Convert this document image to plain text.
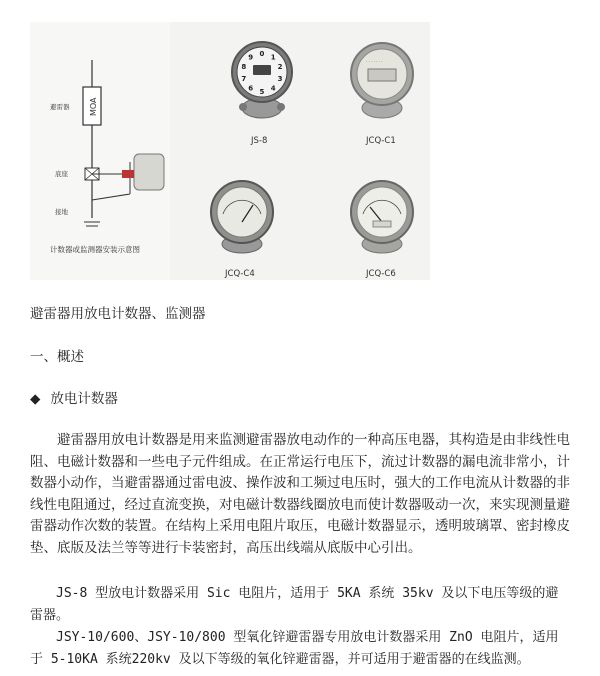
MOA
避雷器
底座
接地
计数器或监测器安装示意图
0 1
2
3
4
5
6
7
8
9
JS-8
· · · · · · ·
JCQ-C1
JCQ-C4	JCQ-C6
避雷器用放电计数器、监测器
一、概述
◆ 放电计数器

避雷器用放电计数器是用来监测避雷器放电动作的一种高压电器，其构造是由非线性电阻、电磁计数器和一些电子元件组成。在正常运行电压下，流过计数器的漏电流非常小，计数器小动作，当避雷器通过雷电波、操作波和工频过电压时，强大的工作电流从计数器的非线性电阻通过，经过直流变换，对电磁计数器线圈放电而使计数器吸动一次，来实现测量避雷器动作次数的装置。在结构上采用电阻片取压，电磁计数器显示，透明玻璃罩、密封橡皮垫、底版及法兰等等进行卡装密封，高压出线端从底版中心引出。

JS-8 型放电计数器采用 Sic 电阻片，适用于 5KA 系统 35kv 及以下电压等级的避雷器。

JSY-10/600、JSY-10/800 型氧化锌避雷器专用放电计数器采用 ZnO 电阻片，适用于 5-10KA 系统220kv 及以下等级的氧化锌避雷器，并可适用于避雷器的在线监测。
